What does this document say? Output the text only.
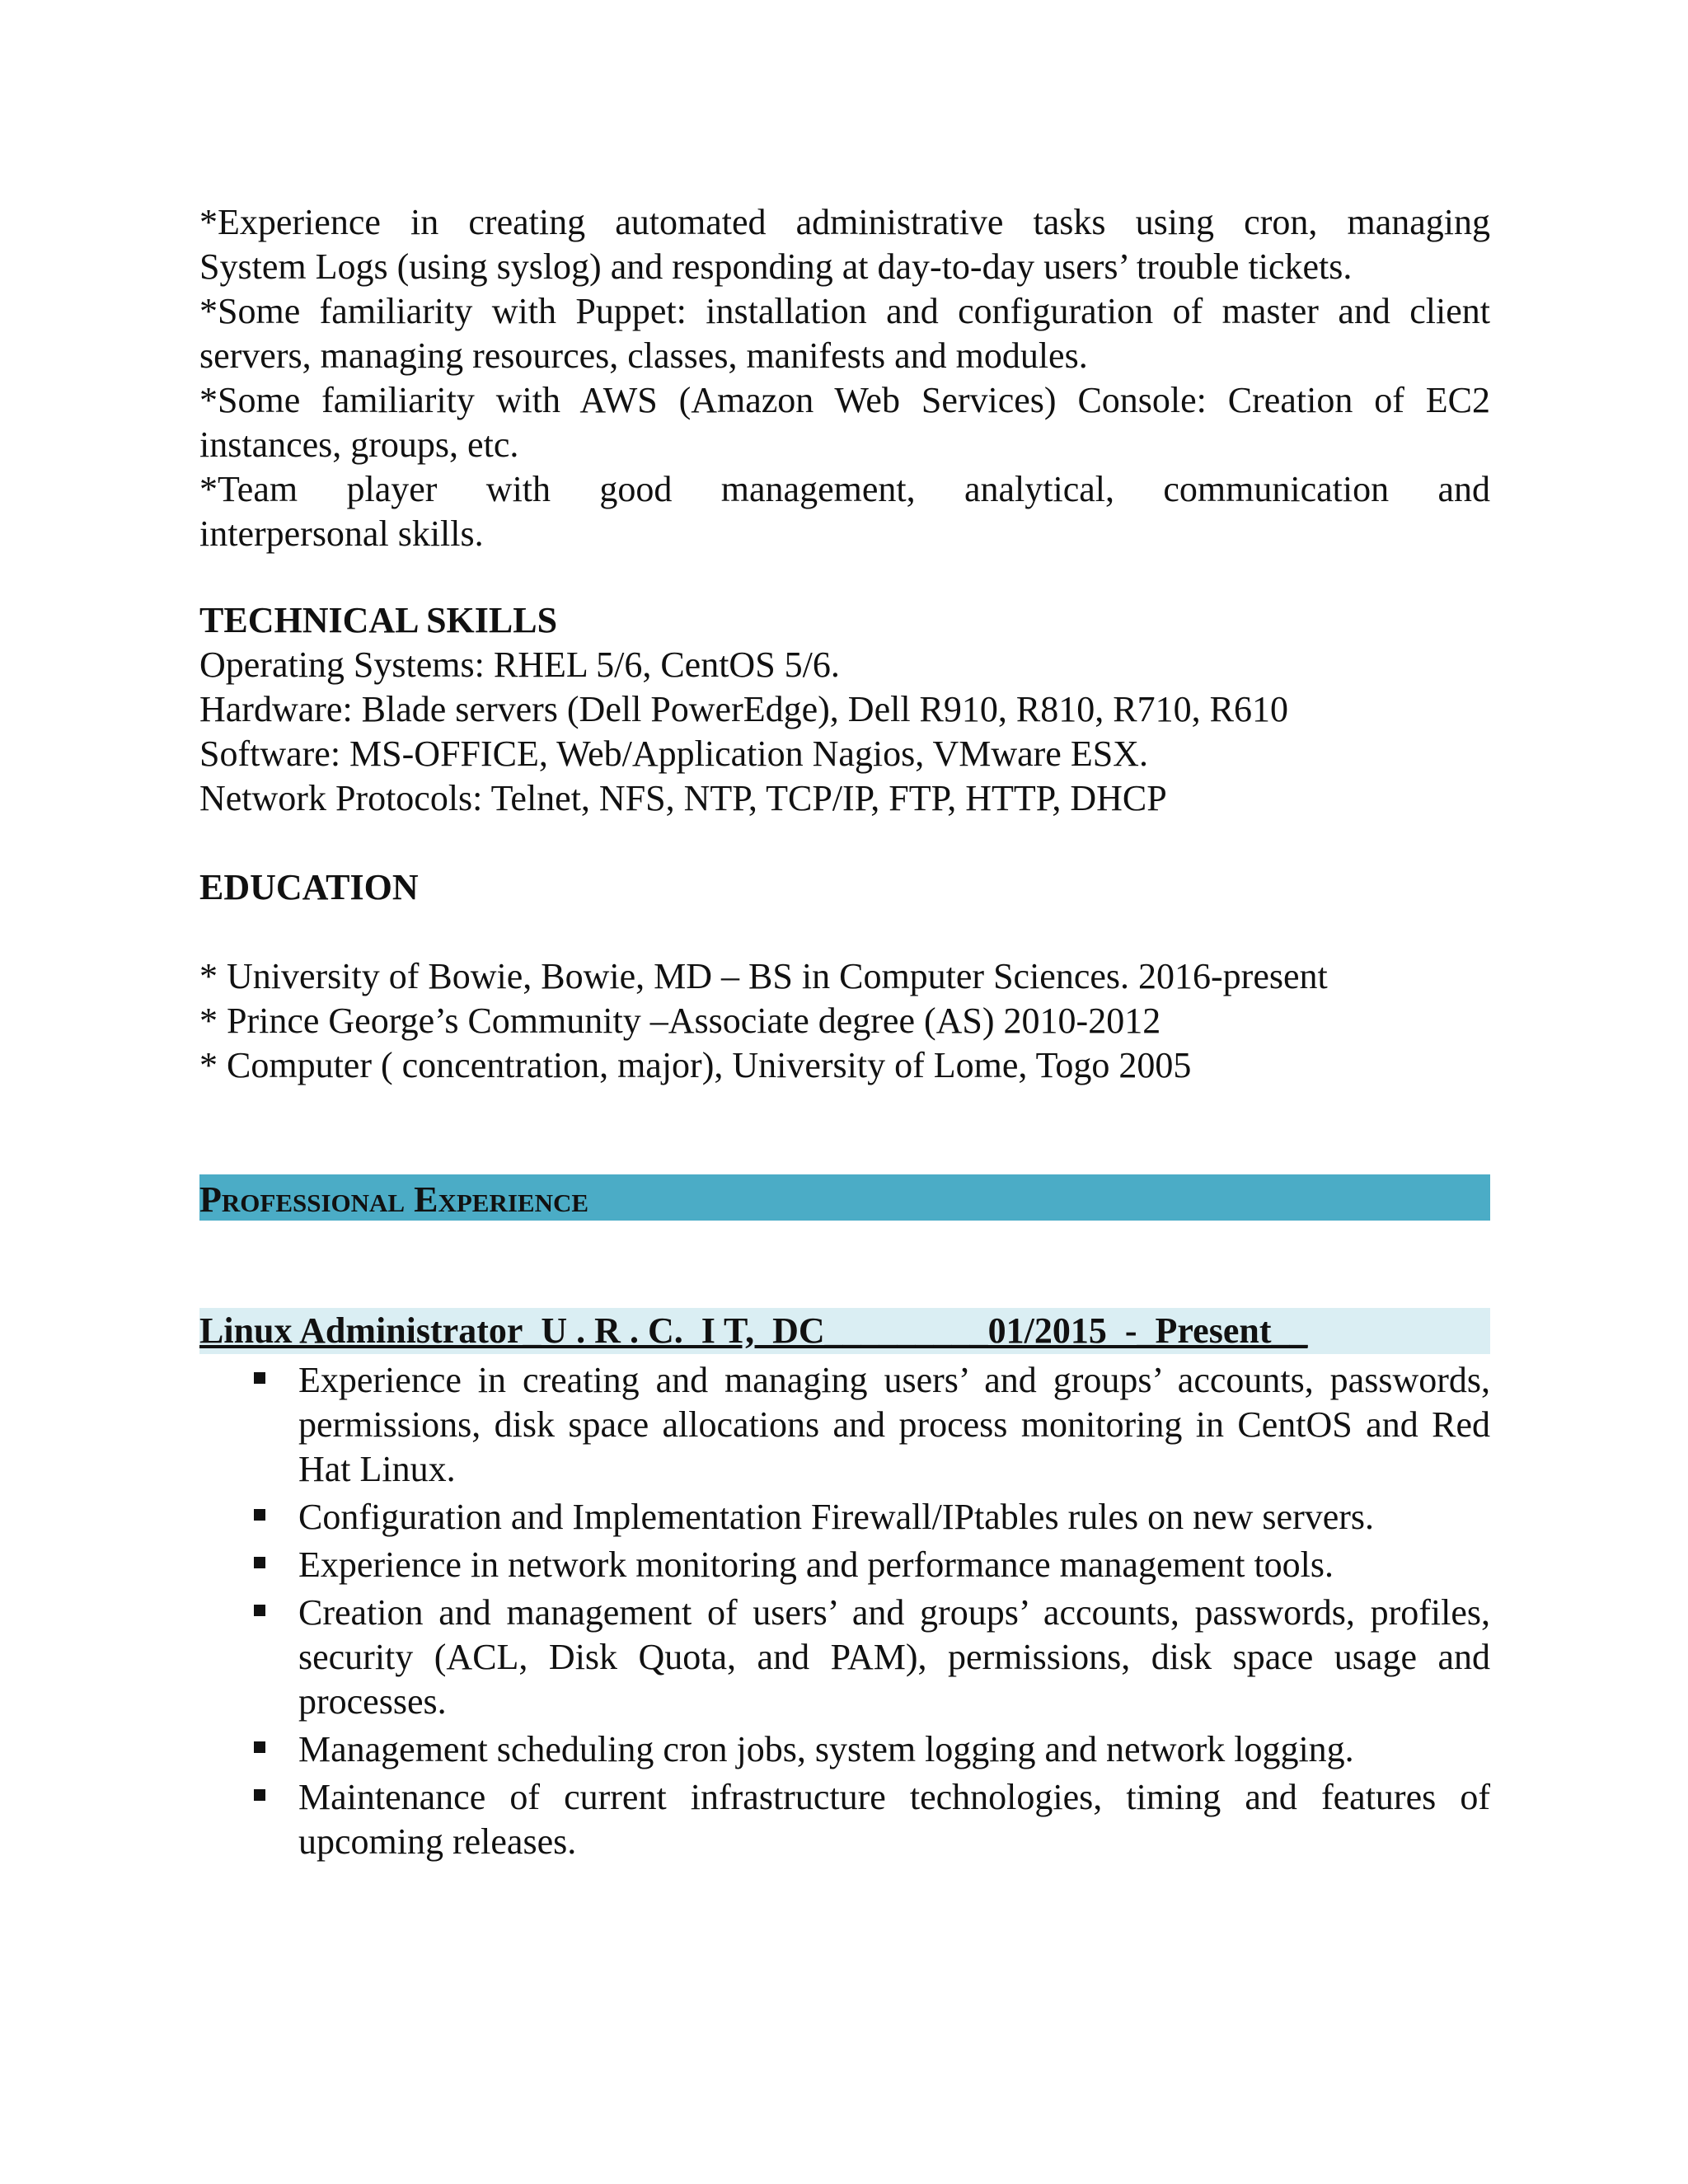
*Experience in creating automated administrative tasks using cron, managing

System Logs (using syslog) and responding at day-to-day users’ trouble tickets.

*Some familiarity with Puppet: installation and configuration of master and client

servers, managing resources, classes, manifests and modules.

*Some familiarity with AWS (Amazon Web Services) Console: Creation of EC2

instances, groups, etc.

*Team player with good management, analytical, communication and

interpersonal skills.

TECHNICAL SKILLS

Operating Systems: RHEL 5/6, CentOS 5/6.

Hardware: Blade servers (Dell PowerEdge), Dell R910, R810, R710, R610

Software: MS-OFFICE, Web/Application Nagios, VMware ESX.

Network Protocols: Telnet, NFS, NTP, TCP/IP, FTP, HTTP, DHCP

EDUCATION

* University of Bowie, Bowie, MD – BS in Computer Sciences. 2016-present

* Prince George’s Community –Associate degree (AS) 2010-2012

* Computer ( concentration, major), University of Lome, Togo 2005

Professional Experience
Linux Administrator_U . R . C.  I T,  DC_________01/2015  -_Present__
Experience in creating and managing users’ and groups’ accounts, passwords, permissions, disk space allocations and process monitoring in CentOS and Red Hat Linux.
Configuration and Implementation Firewall/IPtables rules on new servers.
Experience in network monitoring and performance management tools.
Creation and management of users’ and groups’ accounts, passwords, profiles, security (ACL, Disk Quota, and PAM), permissions, disk space usage and processes.
Management scheduling cron jobs, system logging and network logging.
Maintenance of current infrastructure technologies, timing and features of upcoming releases.
